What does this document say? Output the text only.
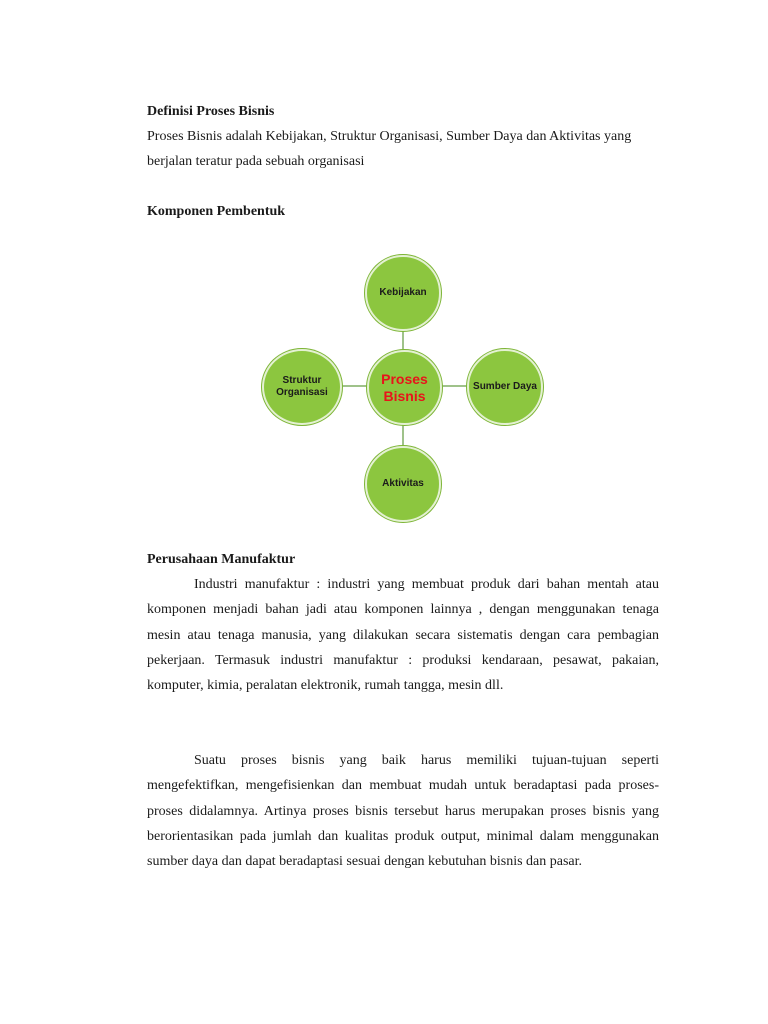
Definisi Proses Bisnis

Proses Bisnis adalah Kebijakan, Struktur Organisasi, Sumber Daya dan Aktivitas yang berjalan teratur pada sebuah organisasi

Komponen Pembentuk
Perusahaan Manufaktur

Industri manufaktur : industri yang membuat produk dari bahan mentah atau komponen menjadi bahan jadi atau komponen lainnya , dengan menggunakan tenaga mesin atau tenaga manusia, yang dilakukan secara sistematis dengan cara pembagian pekerjaan. Termasuk industri manufaktur : produksi kendaraan, pesawat, pakaian, komputer, kimia, peralatan elektronik, rumah tangga, mesin dll.

Suatu proses bisnis yang baik harus memiliki tujuan-tujuan seperti mengefektifkan, mengefisienkan dan membuat mudah untuk beradaptasi pada proses-proses didalamnya. Artinya proses bisnis tersebut harus merupakan proses bisnis yang berorientasikan pada jumlah dan kualitas produk output, minimal dalam menggunakan sumber daya dan dapat beradaptasi sesuai dengan kebutuhan bisnis dan pasar.

Kebijakan
Struktur Organisasi
Proses Bisnis
Sumber Daya
Aktivitas
